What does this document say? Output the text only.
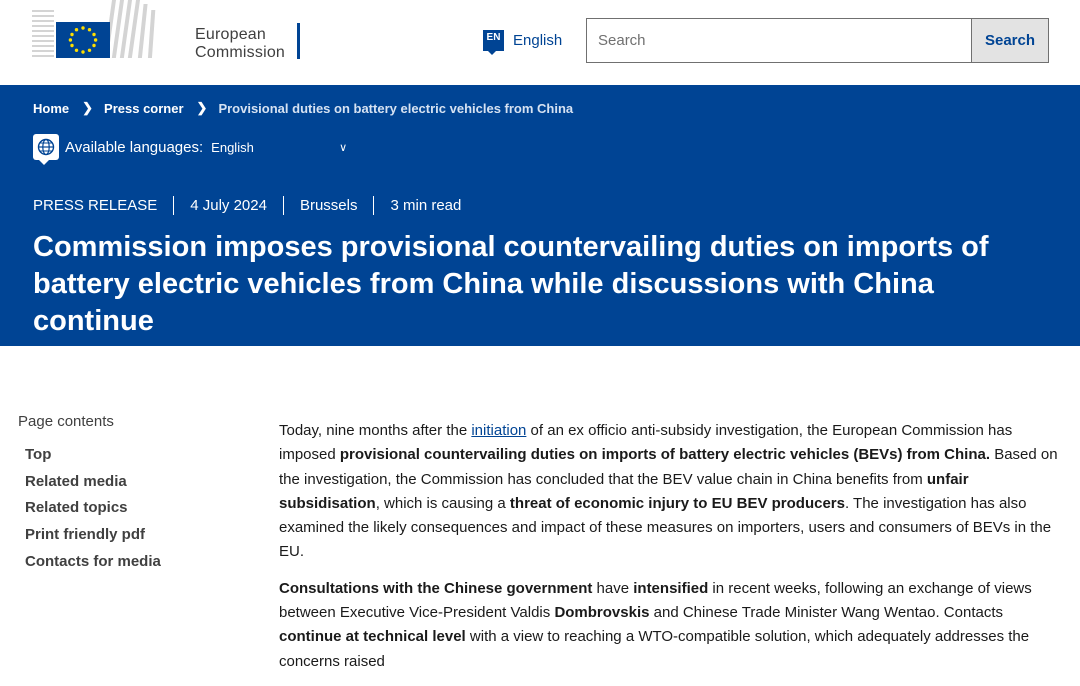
European
Commission
EN English
Search	Search
Home ❯ Press corner ❯ Provisional duties on battery electric vehicles from China
Available languages: English	∨
PRESS RELEASE 4 July 2024 Brussels 3 min read
Commission imposes provisional countervailing duties on imports of battery electric vehicles from China while discussions with China continue
Page contents
Top
Related media
Related topics
Print friendly pdf
Contacts for media

Today, nine months after the initiation of an ex officio anti-subsidy investigation, the European Commission has imposed provisional countervailing duties on imports of battery electric vehicles (BEVs) from China. Based on the investigation, the Commission has concluded that the BEV value chain in China benefits from unfair subsidisation, which is causing a threat of economic injury to EU BEV producers. The investigation has also examined the likely consequences and impact of these measures on importers, users and consumers of BEVs in the EU.

Consultations with the Chinese government have intensified in recent weeks, following an exchange of views between Executive Vice-President Valdis Dombrovskis and Chinese Trade Minister Wang Wentao. Contacts continue at technical level with a view to reaching a WTO-compatible solution, which adequately addresses the concerns raised
